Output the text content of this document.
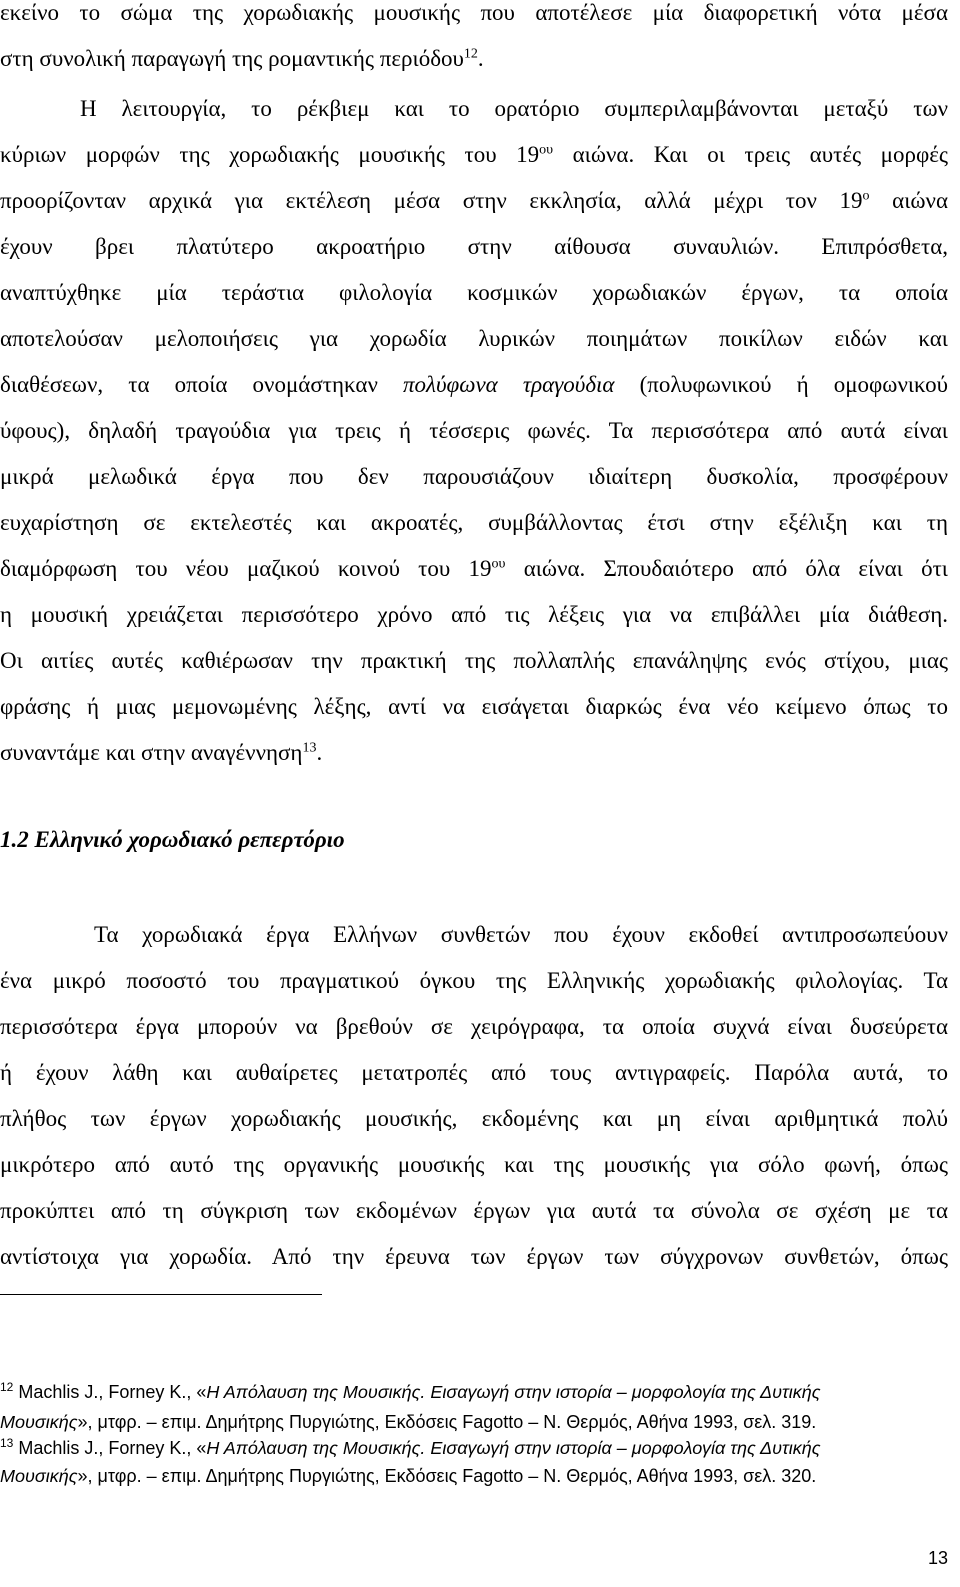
εκείνο το σώμα της χορωδιακής μουσικής που αποτέλεσε μία διαφορετική νότα μέσα
στη συνολική παραγωγή της ρομαντικής περιόδου$^{12}$.
Η λειτουργία, το ρέκβιεμ και το ορατόριο συμπεριλαμβάνονται μεταξύ των
κύριων μορφών της χορωδιακής μουσικής του $19^{o\upsilon}$ αιώνα. Και οι τρεις αυτές μορφές
προορίζονταν αρχικά για εκτέλεση μέσα στην εκκλησία, αλλά μέχρι τον $19^o$ αιώνα
έχουν βρει πλατύτερο ακροατήριο στην αίθουσα συναυλιών. Επιπρόσθετα,
αναπτύχθηκε μία τεράστια φιλολογία κοσμικών χορωδιακών έργων, τα οποία
αποτελούσαν μελοποιήσεις για χορωδία λυρικών ποιημάτων ποικίλων ειδών και
διαθέσεων, τα οποία ονομάστηκαν πολύφωνα τραγούδια (πολυφωνικού ή ομοφωνικού
ύφους), δηλαδή τραγούδια για τρεις ή τέσσερις φωνές. Τα περισσότερα από αυτά είναι
μικρά μελωδικά έργα που δεν παρουσιάζουν ιδιαίτερη δυσκολία, προσφέρουν
ευχαρίστηση σε εκτελεστές και ακροατές, συμβάλλοντας έτσι στην εξέλιξη και τη
διαμόρφωση του νέου μαζικού κοινού του $19^{o\upsilon}$ αιώνα. Σπουδαιότερο από όλα είναι ότι
η μουσική χρειάζεται περισσότερο χρόνο από τις λέξεις για να επιβάλλει μία διάθεση.
Οι αιτίες αυτές καθιέρωσαν την πρακτική της πολλαπλής επανάληψης ενός στίχου, μιας
φράσης ή μιας μεμονωμένης λέξης, αντί να εισάγεται διαρκώς ένα νέο κείμενο όπως το
συναντάμε και στην αναγέννηση$^{13}$.
1.2 Ελληνικό χορωδιακό ρεπερτόριο
Τα χορωδιακά έργα Ελλήνων συνθετών που έχουν εκδοθεί αντιπροσωπεύουν
ένα μικρό ποσοστό του πραγματικού όγκου της Ελληνικής χορωδιακής φιλολογίας. Τα
περισσότερα έργα μπορούν να βρεθούν σε χειρόγραφα, τα οποία συχνά είναι δυσεύρετα
ή έχουν λάθη και αυθαίρετες μετατροπές από τους αντιγραφείς. Παρόλα αυτά, το
πλήθος των έργων χορωδιακής μουσικής, εκδομένης και μη είναι αριθμητικά πολύ
μικρότερο από αυτό της οργανικής μουσικής και της μουσικής για σόλο φωνή, όπως
προκύπτει από τη σύγκριση των εκδομένων έργων για αυτά τα σύνολα σε σχέση με τα
αντίστοιχα για χορωδία. Από την έρευνα των έργων των σύγχρονων συνθετών, όπως
$^{12}$ Machlis J., Forney K., «Η Απόλαυση της Μουσικής. Εισαγωγή στην ιστορία – μορφολογία της Δυτικής
Μουσικής», μτφρ. – επιμ. Δημήτρης Πυργιώτης, Εκδόσεις Fagotto – Ν. Θερμός, Αθήνα 1993, σελ. 319.
$^{13}$ Machlis J., Forney K., «Η Απόλαυση της Μουσικής. Εισαγωγή στην ιστορία – μορφολογία της Δυτικής
Μουσικής», μτφρ. – επιμ. Δημήτρης Πυργιώτης, Εκδόσεις Fagotto – Ν. Θερμός, Αθήνα 1993, σελ. 320.
13
